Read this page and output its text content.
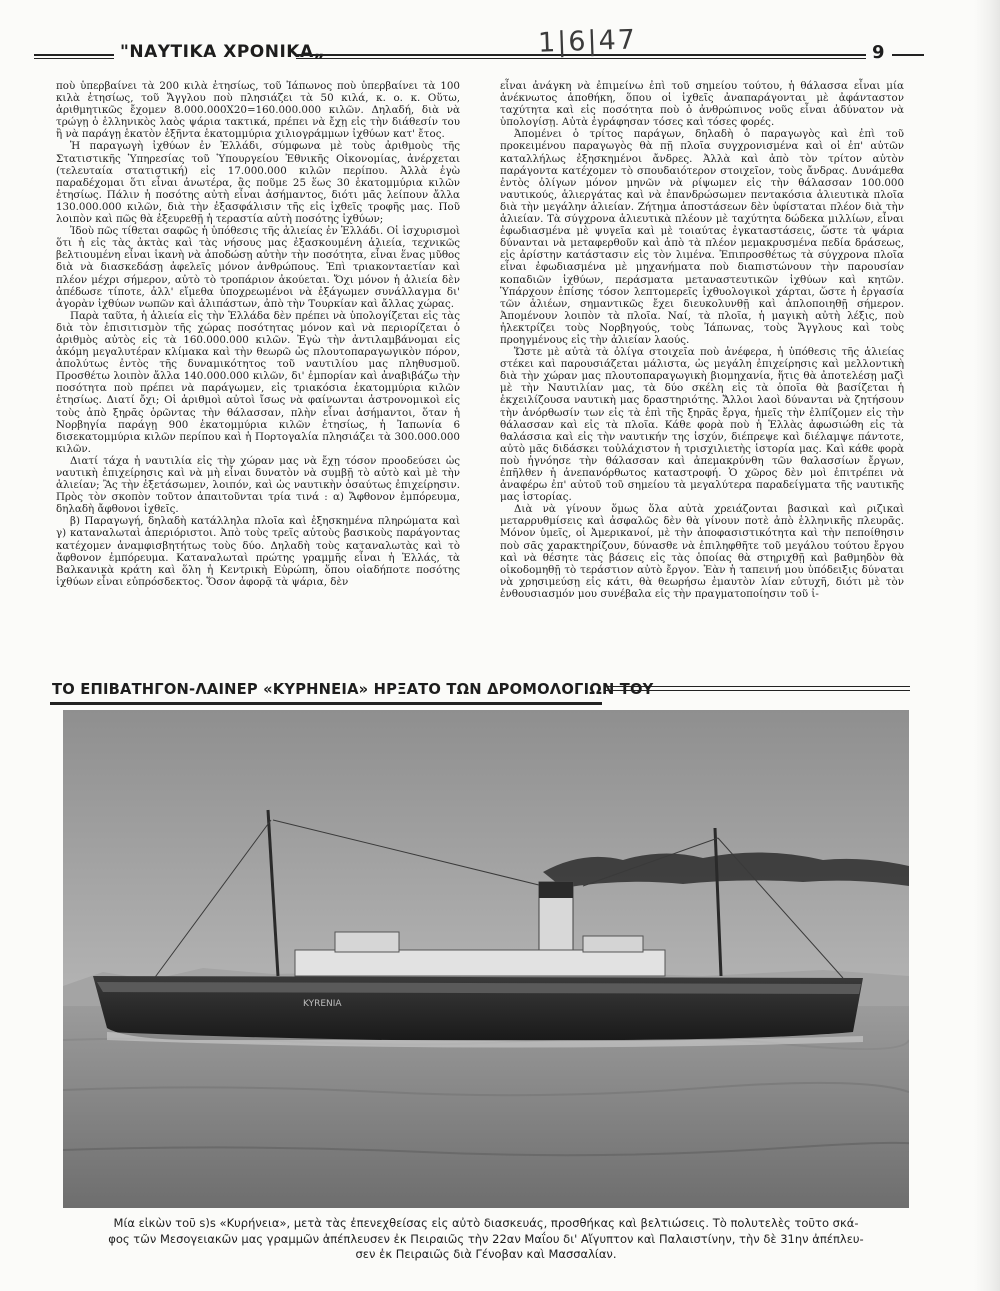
"ΝΑΥΤΙΚΑ ΧΡΟΝΙΚΑ„	9
1|6|47

ποὺ ὑπερβαίνει τὰ 200 κιλὰ ἐτησίως, τοῦ Ἰάπωνος ποὺ ὑπερβαίνει τὰ 100 κιλὰ ἐτησίως, τοῦ Ἄγγλου ποὺ πλησιάζει τὰ 50 κιλά, κ. ο. κ. Οὕτω, ἀριθμητικῶς ἔχομεν 8.000.000Χ20=160.000.000 κιλῶν. Δηλαδή, διὰ νὰ τρώγῃ ὁ ἑλληνικὸς λαὸς ψάρια τακτικά, πρέπει νὰ ἔχῃ εἰς τὴν διάθεσίν του ἢ νὰ παράγῃ ἑκατὸν ἑξῆντα ἑκατομμύρια χιλιογράμμων ἰχθύων κατ' ἔτος.

Ἡ παραγωγὴ ἰχθύων ἐν Ἑλλάδι, σύμφωνα μὲ τοὺς ἀριθμοὺς τῆς Στατιστικῆς Ὑπηρεσίας τοῦ Ὑπουργείου Ἐθνικῆς Οἰκονομίας, ἀνέρχεται (τελευταία στατιστική) εἰς 17.000.000 κιλῶν περίπου. Ἀλλὰ ἐγὼ παραδέχομαι ὅτι εἶναι ἀνωτέρα, ἂς ποῦμε 25 ἕως 30 ἑκατομμύρια κιλῶν ἐτησίως. Πάλιν ἡ ποσότης αὐτὴ εἶναι ἀσήμαντος, διότι μᾶς λείπουν ἄλλα 130.000.000 κιλῶν, διὰ τὴν ἐξασφάλισιν τῆς εἰς ἰχθεῖς τροφῆς μας. Ποῦ λοιπὸν καὶ πῶς θὰ ἐξευρεθῇ ἡ τεραστία αὐτὴ ποσότης ἰχθύων;

Ἰδοὺ πῶς τίθεται σαφῶς ἡ ὑπόθεσις τῆς ἁλιείας ἐν Ἑλλάδι. Οἱ ἰσχυρισμοὶ ὅτι ἡ εἰς τὰς ἀκτὰς καὶ τὰς νήσους μας ἐξασκουμένη ἁλιεία, τεχνικῶς βελτιουμένη εἶναι ἱκανὴ νὰ ἀποδώσῃ αὐτὴν τὴν ποσότητα, εἶναι ἕνας μῦθος διὰ νὰ διασκεδάσῃ ἀφελεῖς μόνον ἀνθρώπους. Ἐπὶ τριακονταετίαν καὶ πλέον μέχρι σήμερον, αὐτὸ τὸ τροπάριον ἀκούεται. Ὄχι μόνον ἡ ἁλιεία δὲν ἀπέδωσε τίποτε, ἀλλ' εἴμεθα ὑποχρεωμένοι νὰ ἐξάγωμεν συνάλλαγμα δι' ἀγορὰν ἰχθύων νωπῶν καὶ ἁλιπάστων, ἀπὸ τὴν Τουρκίαν καὶ ἄλλας χώρας.

Παρὰ ταῦτα, ἡ ἁλιεία εἰς τὴν Ἑλλάδα δὲν πρέπει νὰ ὑπολογίζεται εἰς τὰς διὰ τὸν ἐπισιτισμὸν τῆς χώρας ποσότητας μόνον καὶ νὰ περιορίζεται ὁ ἀριθμὸς αὐτὸς εἰς τὰ 160.000.000 κιλῶν. Ἐγὼ τὴν ἀντιλαμβάνομαι εἰς ἀκόμη μεγαλυτέραν κλίμακα καὶ τὴν θεωρῶ ὡς πλουτοπαραγωγικὸν πόρον, ἀπολύτως ἐντὸς τῆς δυναμικότητος τοῦ ναυτιλίου μας πληθυσμοῦ. Προσθέτω λοιπὸν ἄλλα 140.000.000 κιλῶν, δι' ἐμπορίαν καὶ ἀναβιβάζω τὴν ποσότητα ποὺ πρέπει νὰ παράγωμεν, εἰς τριακόσια ἑκατομμύρια κιλῶν ἐτησίως. Διατί ὄχι; Οἱ ἀριθμοὶ αὐτοὶ ἴσως νὰ φαίνωνται ἀστρονομικοὶ εἰς τοὺς ἀπὸ ξηρᾶς ὁρῶντας τὴν θάλασσαν, πλὴν εἶναι ἀσήμαντοι, ὅταν ἡ Νορβηγία παράγῃ 900 ἑκατομμύρια κιλῶν ἐτησίως, ἡ Ἰαπωνία 6 δισεκατομμύρια κιλῶν περίπου καὶ ἡ Πορτογαλία πλησιάζει τὰ 300.000.000 κιλῶν.

Διατί τάχα ἡ ναυτιλία εἰς τὴν χώραν μας νὰ ἔχῃ τόσον προοδεύσει ὡς ναυτικὴ ἐπιχείρησις καὶ νὰ μὴ εἶναι δυνατὸν νὰ συμβῇ τὸ αὐτὸ καὶ μὲ τὴν ἁλιείαν; Ἂς τὴν ἐξετάσωμεν, λοιπόν, καὶ ὡς ναυτικὴν ὁσαύτως ἐπιχείρησιν. Πρὸς τὸν σκοπὸν τοῦτον ἀπαιτοῦνται τρία τινά : α) Ἄφθονον ἐμπόρευμα, δηλαδὴ ἄφθονοι ἰχθεῖς.

β) Παραγωγή, δηλαδὴ κατάλληλα πλοῖα καὶ ἐξησκημένα πληρώματα καὶ γ) καταναλωταὶ ἀπεριόριστοι. Ἀπὸ τοὺς τρεῖς αὐτοὺς βασικοὺς παράγοντας κατέχομεν ἀναμφισβητήτως τοὺς δύο. Δηλαδὴ τοὺς καταναλωτὰς καὶ τὸ ἄφθονον ἐμπόρευμα. Καταναλωταὶ πρώτης γραμμῆς εἶναι ἡ Ἑλλάς, τὰ Βαλκανικὰ κράτη καὶ ὅλη ἡ Κεντρικὴ Εὐρώπη, ὅπου οἱαδήποτε ποσότης ἰχθύων εἶναι εὐπρόσδεκτος. Ὅσον ἀφορᾷ τὰ ψάρια, δὲν

εἶναι ἀνάγκη νὰ ἐπιμείνω ἐπὶ τοῦ σημείου τούτου, ἡ θάλασσα εἶναι μία ἀνέκνωτος ἀποθήκη, ὅπου οἱ ἰχθεῖς ἀναπαράγονται μὲ ἀφάνταστον ταχύτητα καὶ εἰς ποσότητα ποὺ ὁ ἀνθρώπινος νοῦς εἶναι ἀδύνατον νὰ ὑπολογίσῃ. Αὐτὰ ἐγράφησαν τόσες καὶ τόσες φορές.

Ἀπομένει ὁ τρίτος παράγων, δηλαδὴ ὁ παραγωγὸς καὶ ἐπὶ τοῦ προκειμένου παραγωγὸς θὰ πῇ πλοῖα συγχρονισμένα καὶ οἱ ἐπ' αὐτῶν καταλλήλως ἐξησκημένοι ἄνδρες. Ἀλλὰ καὶ ἀπὸ τὸν τρίτον αὐτὸν παράγοντα κατέχομεν τὸ σπουδαιότερον στοιχεῖον, τοὺς ἄνδρας. Δυνάμεθα ἐντὸς ὀλίγων μόνον μηνῶν νὰ ρίψωμεν εἰς τὴν θάλασσαν 100.000 ναυτικούς, ἁλιεργάτας καὶ νὰ ἐπανδρώσωμεν πεντακόσια ἁλιευτικὰ πλοῖα διὰ τὴν μεγάλην ἁλιείαν. Ζήτημα ἀποστάσεων δὲν ὑφίσταται πλέον διὰ τὴν ἁλιείαν. Τὰ σύγχρονα ἁλιευτικὰ πλέουν μὲ ταχύτητα δώδεκα μιλλίων, εἶναι ἐφωδιασμένα μὲ ψυγεῖα καὶ μὲ τοιαύτας ἐγκαταστάσεις, ὥστε τὰ ψάρια δύνανται νὰ μεταφερθοῦν καὶ ἀπὸ τὰ πλέον μεμακρυσμένα πεδία δράσεως, εἰς ἀρίστην κατάστασιν εἰς τὸν λιμένα. Ἐπιπροσθέτως τὰ σύγχρονα πλοῖα εἶναι ἐφωδιασμένα μὲ μηχανήματα ποὺ διαπιστώνουν τὴν παρουσίαν κοπαδιῶν ἰχθύων, περάσματα μεταναστευτικῶν ἰχθύων καὶ κητῶν. Ὑπάρχουν ἐπίσης τόσον λεπτομερεῖς ἰχθυολογικοὶ χάρται, ὥστε ἡ ἐργασία τῶν ἁλιέων, σημαντικῶς ἔχει διευκολυνθῇ καὶ ἁπλοποιηθῇ σήμερον. Ἀπομένουν λοιπὸν τὰ πλοῖα. Ναί, τὰ πλοῖα, ἡ μαγικὴ αὐτὴ λέξις, ποὺ ἠλεκτρίζει τοὺς Νορβηγούς, τοὺς Ἰάπωνας, τοὺς Ἄγγλους καὶ τοὺς προηγμένους εἰς τὴν ἁλιείαν λαούς.

Ὥστε μὲ αὐτὰ τὰ ὀλίγα στοιχεῖα ποὺ ἀνέφερα, ἡ ὑπόθεσις τῆς ἁλιείας στέκει καὶ παρουσιάζεται μάλιστα, ὡς μεγάλη ἐπιχείρησις καὶ μελλοντικὴ διὰ τὴν χώραν μας πλουτοπαραγωγικὴ βιομηχανία, ἥτις θὰ ἀποτελέσῃ μαζὶ μὲ τὴν Ναυτιλίαν μας, τὰ δύο σκέλη εἰς τὰ ὁποῖα θὰ βασίζεται ἡ ἐκχειλίζουσα ναυτικὴ μας δραστηριότης. Ἄλλοι λαοὶ δύνανται νὰ ζητήσουν τὴν ἀνόρθωσίν των εἰς τὰ ἐπὶ τῆς ξηρᾶς ἔργα, ἡμεῖς τὴν ἐλπίζομεν εἰς τὴν θάλασσαν καὶ εἰς τὰ πλοῖα. Κάθε φορὰ ποὺ ἡ Ἑλλὰς ἀφωσιώθη εἰς τὰ θαλάσσια καὶ εἰς τὴν ναυτικήν της ἰσχύν, διέπρεψε καὶ διέλαμψε πάντοτε, αὐτὸ μᾶς διδάσκει τοὐλάχιστον ἡ τρισχιλιετὴς ἱστορία μας. Καὶ κάθε φορὰ ποὺ ἠγνόησε τὴν θάλασσαν καὶ ἀπεμακρύνθη τῶν θαλασσίων ἔργων, ἐπῆλθεν ἡ ἀνεπανόρθωτος καταστροφή. Ὁ χῶρος δὲν μοὶ ἐπιτρέπει νὰ ἀναφέρω ἐπ' αὐτοῦ τοῦ σημείου τὰ μεγαλύτερα παραδείγματα τῆς ναυτικῆς μας ἱστορίας.

Διὰ νὰ γίνουν ὅμως ὅλα αὐτὰ χρειάζονται βασικαὶ καὶ ριζικαὶ μεταρρυθμίσεις καὶ ἀσφαλῶς δὲν θὰ γίνουν ποτὲ ἀπὸ ἑλληνικῆς πλευρᾶς. Μόνον ὑμεῖς, οἱ Ἀμερικανοί, μὲ τὴν ἀποφασιστικότητα καὶ τὴν πεποίθησιν ποὺ σᾶς χαρακτηρίζουν, δύνασθε νὰ ἐπιληφθῆτε τοῦ μεγάλου τούτου ἔργου καὶ νὰ θέσητε τὰς βάσεις εἰς τὰς ὁποίας θὰ στηριχθῇ καὶ βαθμηδὸν θὰ οἰκοδομηθῇ τὸ τεράστιον αὐτὸ ἔργον. Ἐὰν ἡ ταπεινή μου ὑπόδειξις δύναται νὰ χρησιμεύσῃ εἰς κάτι, θὰ θεωρήσω ἐμαυτὸν λίαν εὐτυχῆ, διότι μὲ τὸν ἐνθουσιασμόν μου συνέβαλα εἰς τὴν πραγματοποίησιν τοῦ ἰ-

ΤΟ ΕΠΙΒΑΤΗΓΟΝ-ΛΑΙΝΕΡ «ΚΥΡΗΝΕΙΑ» ΗΡΞΑΤΟ ΤΩΝ ΔΡΟΜΟΛΟΓΙΩΝ ΤΟΥ
KYRENIA
Μία εἰκὼν τοῦ s)s «Κυρήνεια», μετὰ τὰς ἐπενεχθείσας εἰς αὐτὸ διασκευάς, προσθήκας καὶ βελτιώσεις. Τὸ πολυτελὲς τοῦτο σκά-
φος τῶν Μεσογειακῶν μας γραμμῶν ἀπέπλευσεν ἐκ Πειραιῶς τὴν 22αν Μαΐου δι' Αἴγυπτον καὶ Παλαιστίνην, τὴν δὲ 31ην ἀπέπλευ-
σεν ἐκ Πειραιῶς διὰ Γένοβαν καὶ Μασσαλίαν.
